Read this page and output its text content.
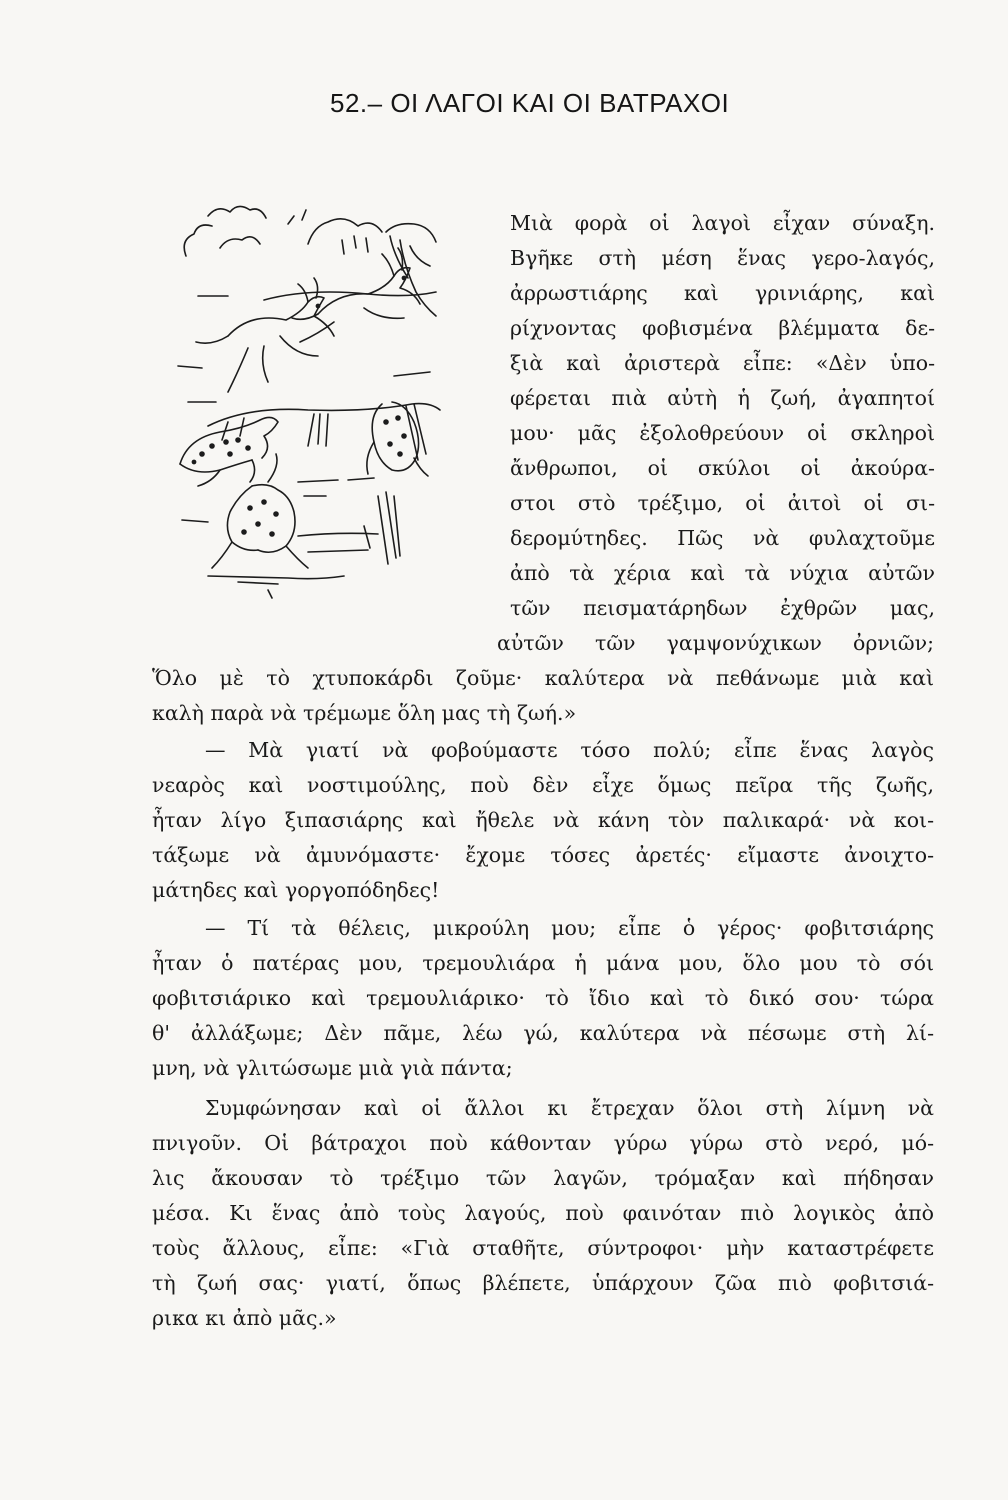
52.– ΟΙ ΛΑΓΟΙ ΚΑΙ ΟΙ ΒΑΤΡΑΧΟΙ
Μιὰ φορὰ οἱ λαγοὶ εἶχαν σύναξη.
Βγῆκε στὴ μέση ἕνας γερο-λαγός,
ἀρρωστιάρης καὶ γρινιάρης, καὶ
ρίχνοντας φοβισμένα βλέμματα δε-
ξιὰ καὶ ἀριστερὰ εἶπε: «Δὲν ὑπο-
φέρεται πιὰ αὐτὴ ἡ ζωή, ἀγαπητοί
μου· μᾶς ἐξολοθρεύουν οἱ σκληροὶ
ἄνθρωποι, οἱ σκύλοι οἱ ἀκούρα-
στοι στὸ τρέξιμο, οἱ ἀιτοὶ οἱ σι-
δερομύτηδες. Πῶς νὰ φυλαχτοῦμε
ἀπὸ τὰ χέρια καὶ τὰ νύχια αὐτῶν
τῶν πεισματάρηδων ἐχθρῶν μας,
αὐτῶν τῶν γαμψονύχικων ὀρνιῶν;
Ὅλο μὲ τὸ χτυποκάρδι ζοῦμε· καλύτερα νὰ πεθάνωμε μιὰ καὶ
καλὴ παρὰ νὰ τρέμωμε ὅλη μας τὴ ζωή.»
— Μὰ γιατί νὰ φοβούμαστε τόσο πολύ; εἶπε ἕνας λαγὸς
νεαρὸς καὶ νοστιμούλης, ποὺ δὲν εἶχε ὅμως πεῖρα τῆς ζωῆς,
ἦταν λίγο ξιπασιάρης καὶ ἤθελε νὰ κάνη τὸν παλικαρά· νὰ κοι-
τάξωμε νὰ ἀμυνόμαστε· ἔχομε τόσες ἀρετές· εἴμαστε ἀνοιχτο-
μάτηδες καὶ γοργοπόδηδες!
— Τί τὰ θέλεις, μικρούλη μου; εἶπε ὁ γέρος· φοβιτσιάρης
ἦταν ὁ πατέρας μου, τρεμουλιάρα ἡ μάνα μου, ὅλο μου τὸ σόι
φοβιτσιάρικο καὶ τρεμουλιάρικο· τὸ ἴδιο καὶ τὸ δικό σου· τώρα
θ' ἀλλάξωμε; Δὲν πᾶμε, λέω γώ, καλύτερα νὰ πέσωμε στὴ λί-
μνη, νὰ γλιτώσωμε μιὰ γιὰ πάντα;
Συμφώνησαν καὶ οἱ ἄλλοι κι ἔτρεχαν ὅλοι στὴ λίμνη νὰ
πνιγοῦν. Οἱ βάτραχοι ποὺ κάθονταν γύρω γύρω στὸ νερό, μό-
λις ἄκουσαν τὸ τρέξιμο τῶν λαγῶν, τρόμαξαν καὶ πήδησαν
μέσα. Κι ἕνας ἀπὸ τοὺς λαγούς, ποὺ φαινόταν πιὸ λογικὸς ἀπὸ
τοὺς ἄλλους, εἶπε: «Γιὰ σταθῆτε, σύντροφοι· μὴν καταστρέφετε
τὴ ζωή σας· γιατί, ὅπως βλέπετε, ὑπάρχουν ζῶα πιὸ φοβιτσιά-
ρικα κι ἀπὸ μᾶς.»
